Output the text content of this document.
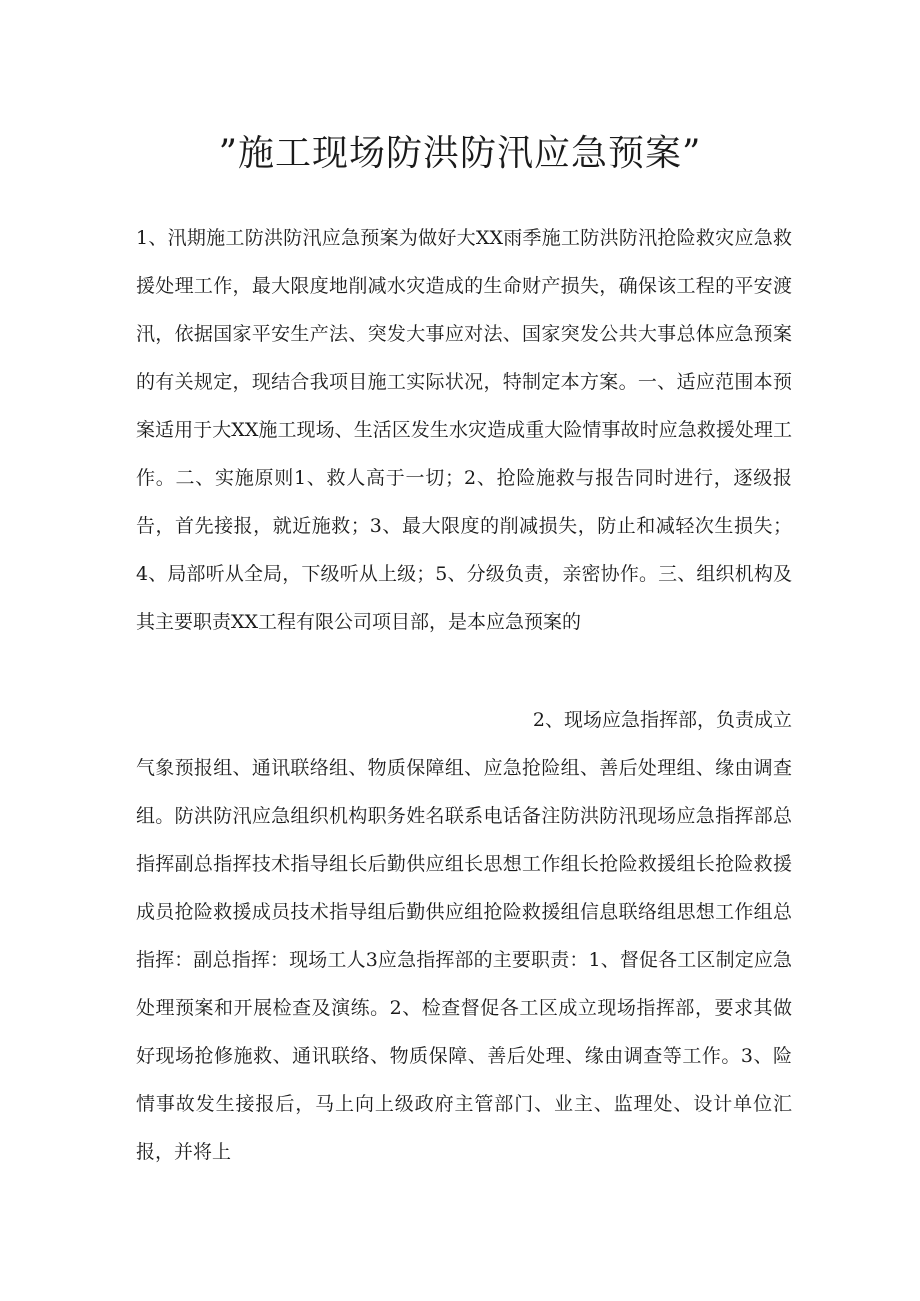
”施工现场防洪防汛应急预案”
1、汛期施工防洪防汛应急预案为做好大XX雨季施工防洪防汛抢险救灾应急救援处理工作，最大限度地削减水灾造成的生命财产损失，确保该工程的平安渡汛，依据国家平安生产法、突发大事应对法、国家突发公共大事总体应急预案的有关规定，现结合我项目施工实际状况，特制定本方案。一、适应范围本预案适用于大XX施工现场、生活区发生水灾造成重大险情事故时应急救援处理工作。二、实施原则1、救人高于一切；2、抢险施救与报告同时进行，逐级报告，首先接报，就近施救；3、最大限度的削减损失，防止和减轻次生损失；4、局部听从全局，下级听从上级；5、分级负责，亲密协作。三、组织机构及其主要职责XX工程有限公司项目部，是本应急预案的
2、现场应急指挥部，负责成立
气象预报组、通讯联络组、物质保障组、应急抢险组、善后处理组、缘由调查组。防洪防汛应急组织机构职务姓名联系电话备注防洪防汛现场应急指挥部总指挥副总指挥技术指导组长后勤供应组长思想工作组长抢险救援组长抢险救援成员抢险救援成员技术指导组后勤供应组抢险救援组信息联络组思想工作组总指挥：副总指挥：现场工人3应急指挥部的主要职责：1、督促各工区制定应急处理预案和开展检查及演练。2、检查督促各工区成立现场指挥部，要求其做好现场抢修施救、通讯联络、物质保障、善后处理、缘由调查等工作。3、险情事故发生接报后，马上向上级政府主管部门、业主、监理处、设计单位汇报，并将上
